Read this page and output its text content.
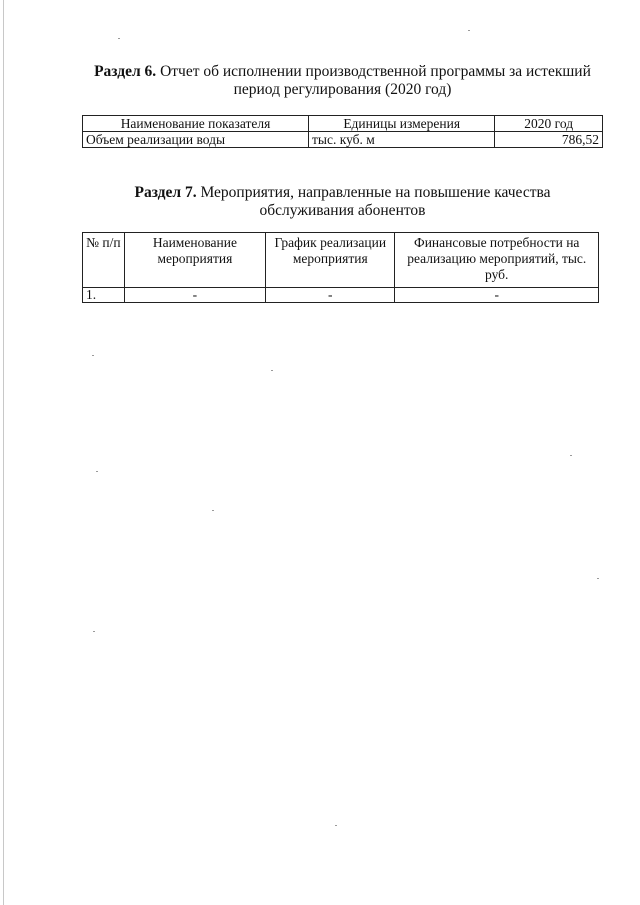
Раздел 6. Отчет об исполнении производственной программы за истекший
период регулирования (2020 год)
Наименование показателя	Единицы измерения	2020 год
Объем реализации воды	тыс. куб. м	786,52
Раздел 7. Мероприятия, направленные на повышение качества
обслуживания абонентов
№ п/п	Наименование мероприятия	График реализации мероприятия	Финансовые потребности на реализацию мероприятий, тыс. руб.
1.	-	-	-
